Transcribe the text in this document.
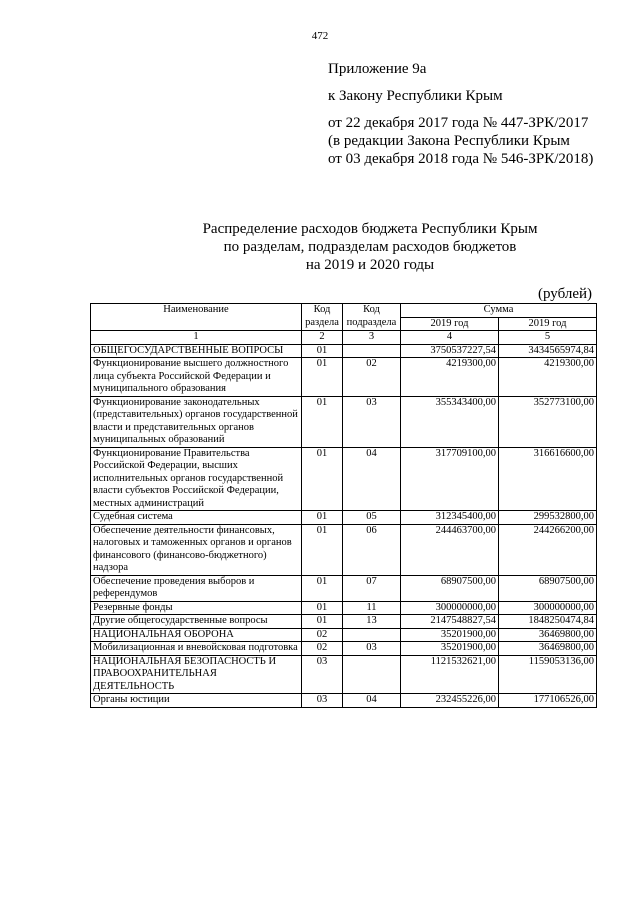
472
Приложение 9а
к Закону Республики Крым
от 22 декабря 2017 года № 447-ЗРК/2017
(в редакции Закона Республики Крым
от 03 декабря 2018 года № 546-ЗРК/2018)
Распределение расходов бюджета Республики Крым
по разделам, подразделам расходов бюджетов
на 2019 и 2020 годы
(рублей)
Наименование	Код раздела	Код подраздела	Сумма	
			2019 год	2019 год
1	2	3	4	5
ОБЩЕГОСУДАРСТВЕННЫЕ ВОПРОСЫ	01		3750537227,54	3434565974,84
Функционирование высшего должностного лица субъекта Российской Федерации и муниципального образования	01	02	4219300,00	4219300,00
Функционирование законодательных (представительных) органов государственной власти и представительных органов муниципальных образований	01	03	355343400,00	352773100,00
Функционирование Правительства Российской Федерации, высших исполнительных органов государственной власти субъектов Российской Федерации, местных администраций	01	04	317709100,00	316616600,00
Судебная система	01	05	312345400,00	299532800,00
Обеспечение деятельности финансовых, налоговых и таможенных органов и органов финансового (финансово-бюджетного) надзора	01	06	244463700,00	244266200,00
Обеспечение проведения выборов и референдумов	01	07	68907500,00	68907500,00
Резервные фонды	01	11	300000000,00	300000000,00
Другие общегосударственные вопросы	01	13	2147548827,54	1848250474,84
НАЦИОНАЛЬНАЯ ОБОРОНА	02		35201900,00	36469800,00
Мобилизационная и вневойсковая подготовка	02	03	35201900,00	36469800,00
НАЦИОНАЛЬНАЯ БЕЗОПАСНОСТЬ И ПРАВООХРАНИТЕЛЬНАЯ ДЕЯТЕЛЬНОСТЬ	03		1121532621,00	1159053136,00
Органы юстиции	03	04	232455226,00	177106526,00
